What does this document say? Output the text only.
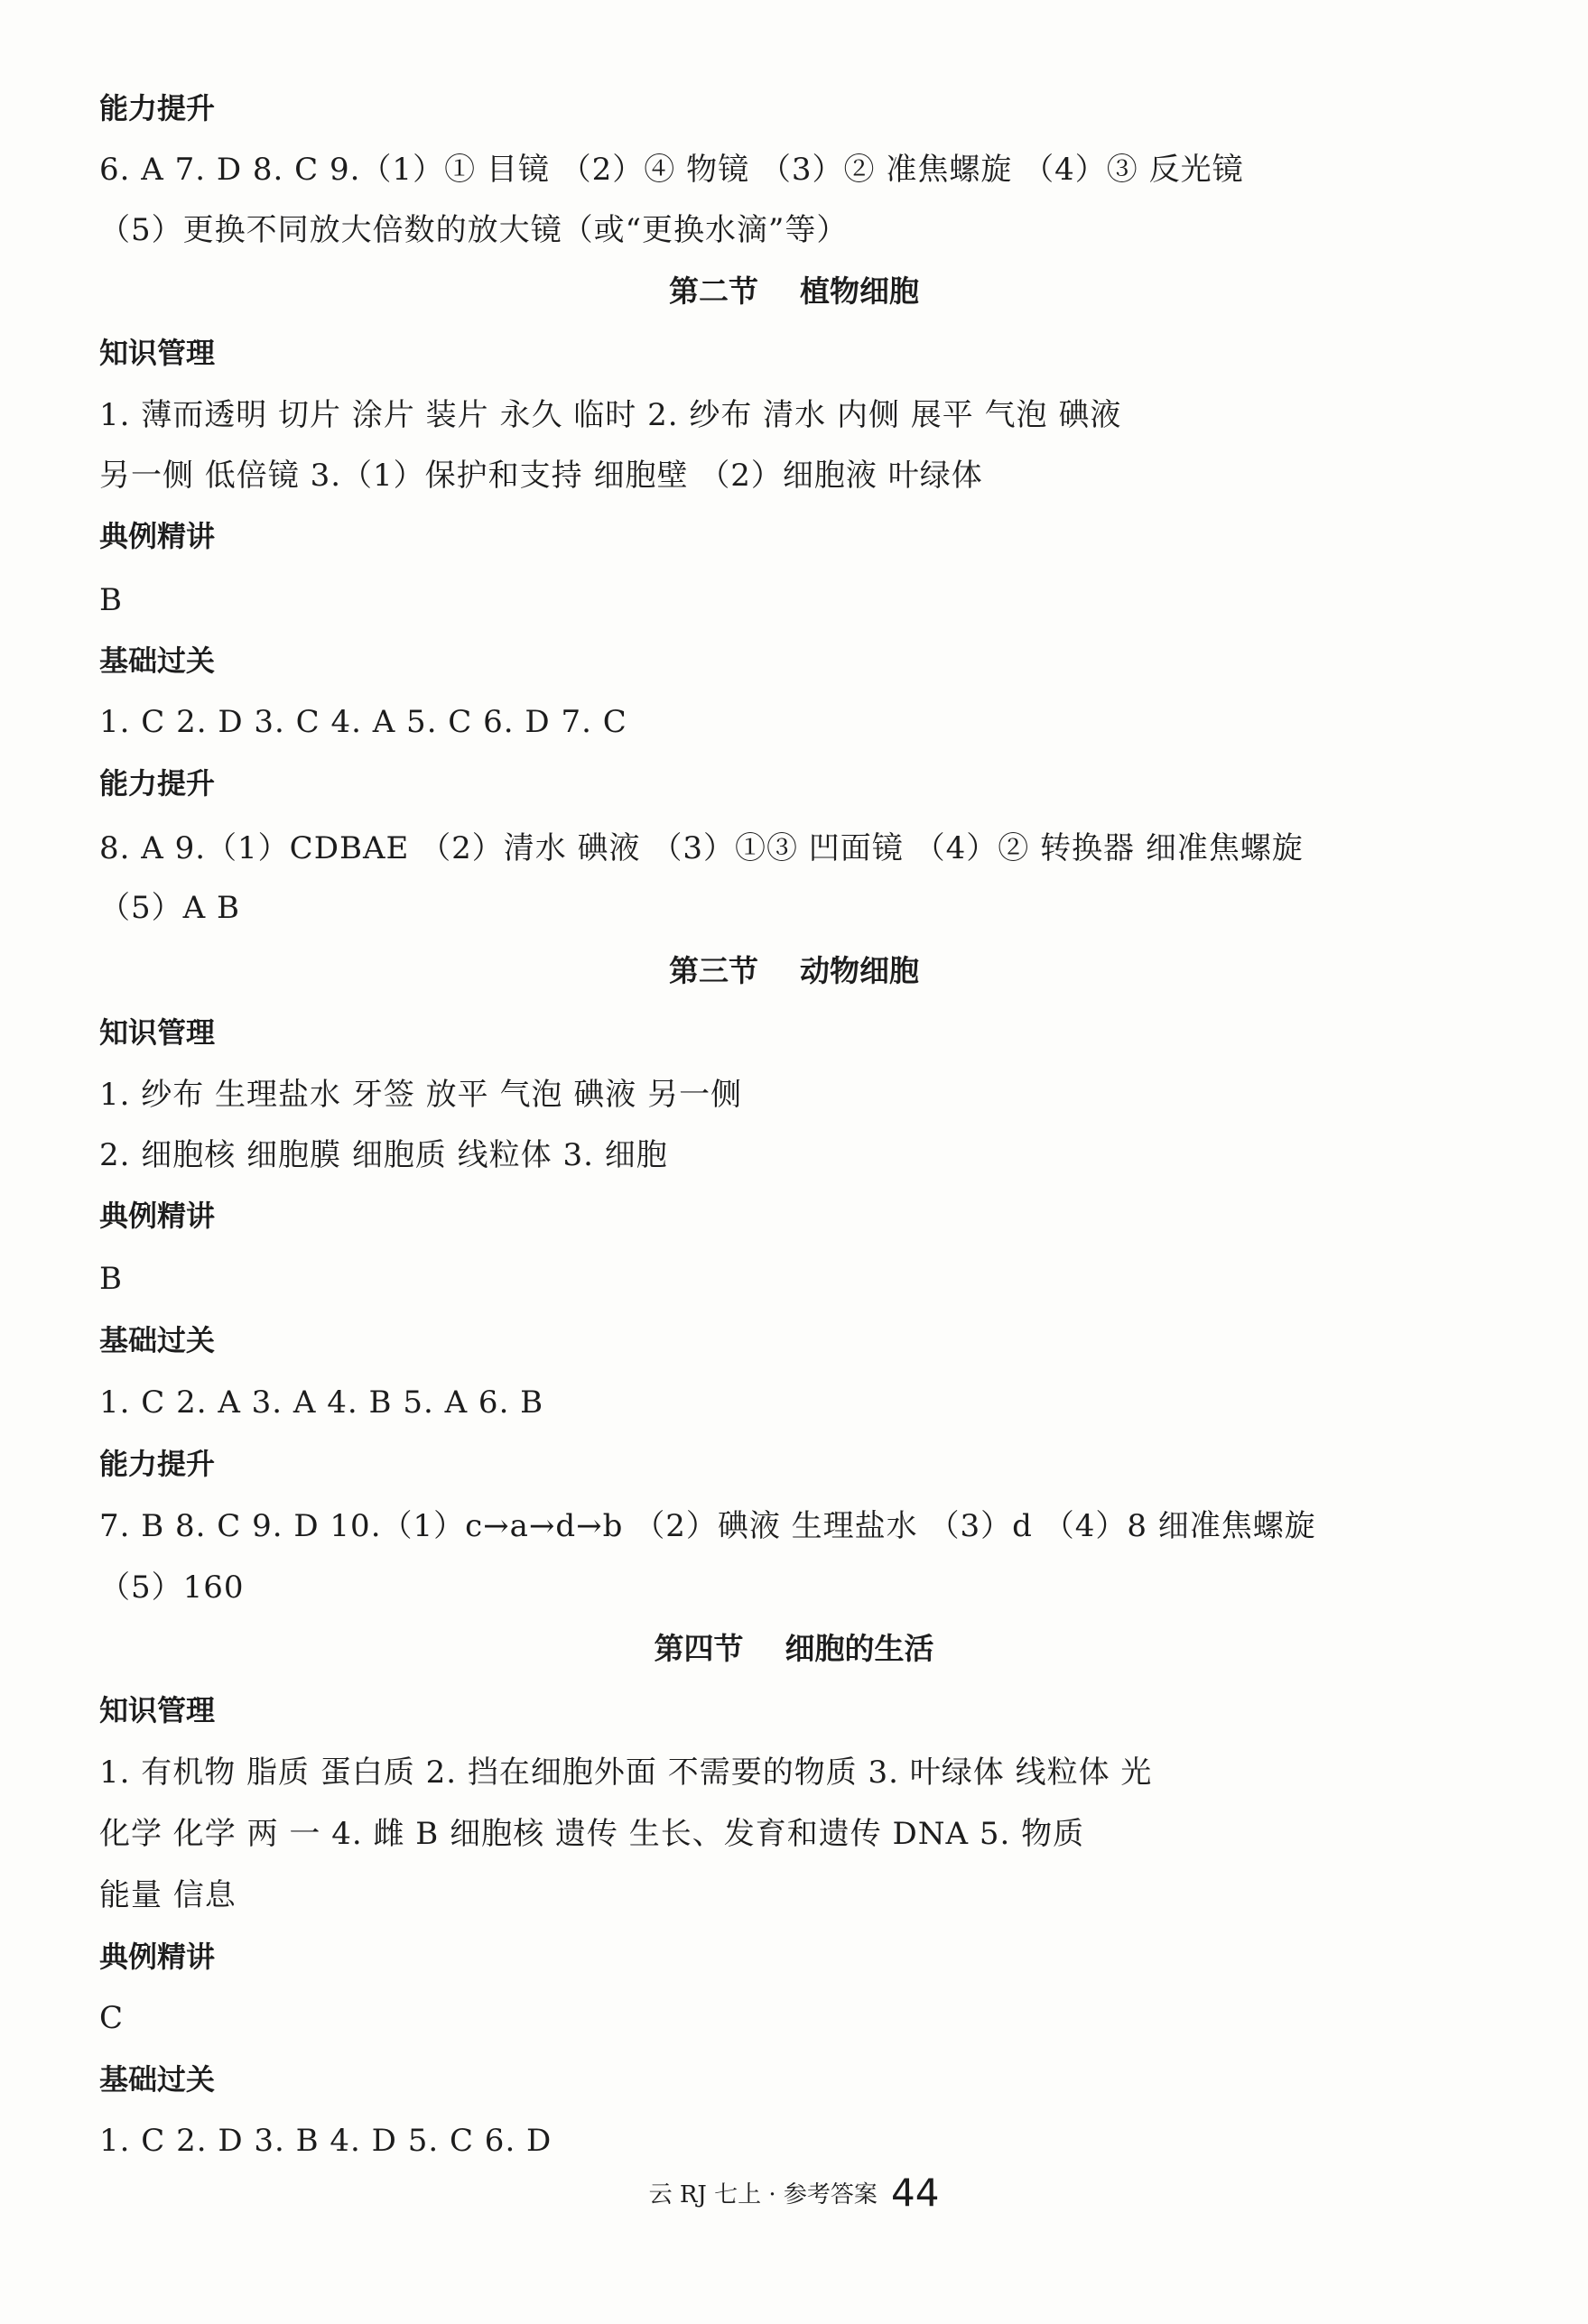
能力提升
6. A 7. D 8. C 9.（1）① 目镜 （2）④ 物镜 （3）② 准焦螺旋 （4）③ 反光镜
（5）更换不同放大倍数的放大镜（或“更换水滴”等）
第二节    植物细胞
知识管理
1. 薄而透明 切片 涂片 装片 永久 临时 2. 纱布 清水 内侧 展平 气泡 碘液
另一侧 低倍镜 3.（1）保护和支持 细胞壁 （2）细胞液 叶绿体
典例精讲
B
基础过关
1. C 2. D 3. C 4. A 5. C 6. D 7. C
能力提升
8. A 9.（1）CDBAE （2）清水 碘液 （3）①③ 凹面镜 （4）② 转换器 细准焦螺旋
（5）A B
第三节    动物细胞
知识管理
1. 纱布 生理盐水 牙签 放平 气泡 碘液 另一侧
2. 细胞核 细胞膜 细胞质 线粒体 3. 细胞
典例精讲
B
基础过关
1. C 2. A 3. A 4. B 5. A 6. B
能力提升
7. B 8. C 9. D 10.（1）c→a→d→b （2）碘液 生理盐水 （3）d （4）8 细准焦螺旋
（5）160
第四节    细胞的生活
知识管理
1. 有机物 脂质 蛋白质 2. 挡在细胞外面 不需要的物质 3. 叶绿体 线粒体 光
化学 化学 两 一 4. 雌 B 细胞核 遗传 生长、发育和遗传 DNA 5. 物质
能量 信息
典例精讲
C
基础过关
1. C 2. D 3. B 4. D 5. C 6. D
云 RJ 七上 · 参考答案 44
